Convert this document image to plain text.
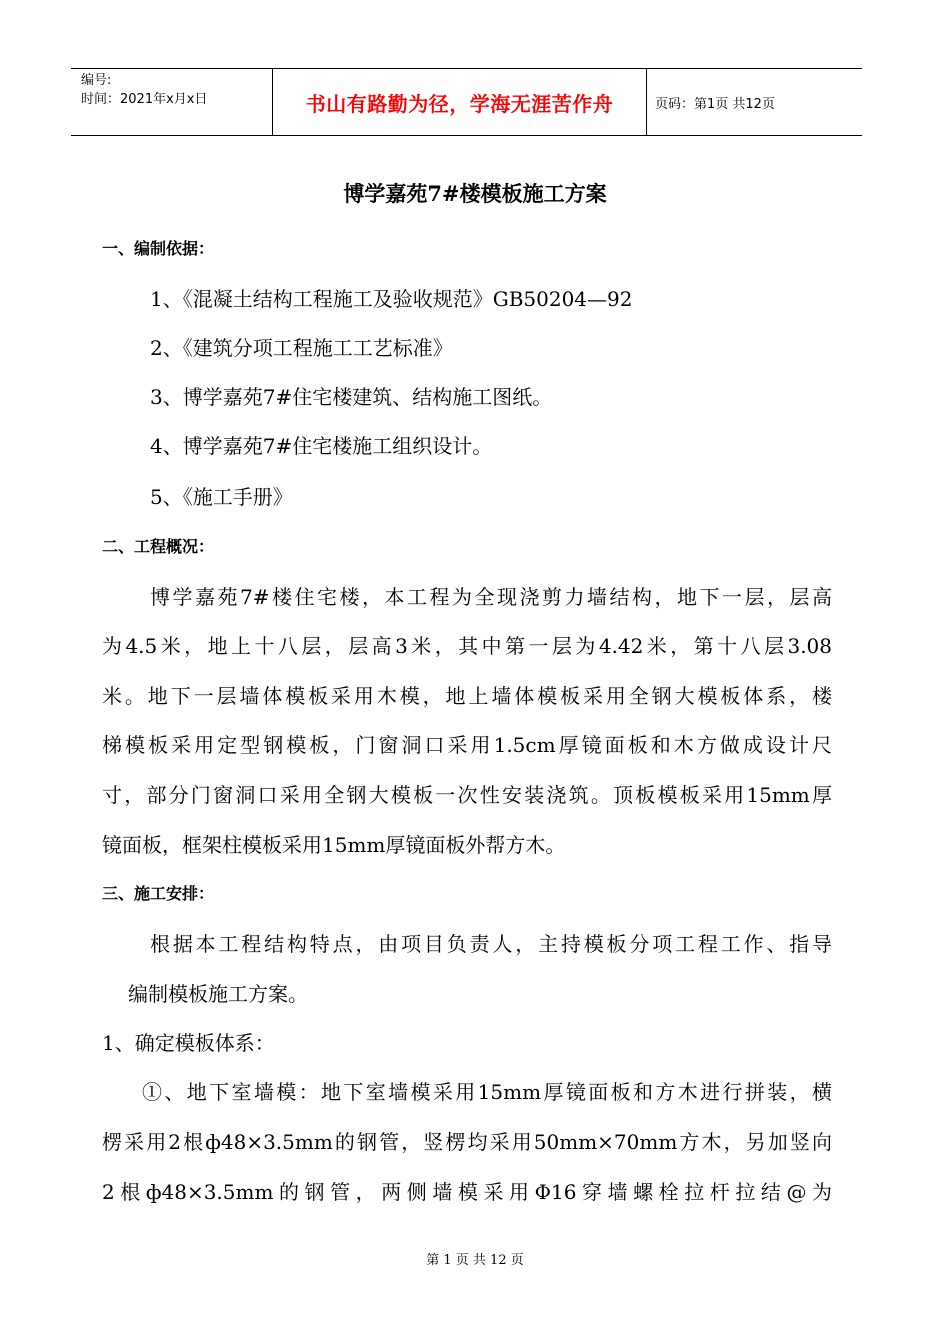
编号:
时间：2021年x月x日	书山有路勤为径，学海无涯苦作舟	页码：第1页 共12页
博学嘉苑7#楼模板施工方案
一、编制依据：
1、《混凝土结构工程施工及验收规范》GB50204—92
2、《建筑分项工程施工工艺标准》
3、博学嘉苑7#住宅楼建筑、结构施工图纸。
4、博学嘉苑7#住宅楼施工组织设计。
5、《施工手册》
二、工程概况：
博学嘉苑7#楼住宅楼，本工程为全现浇剪力墙结构，地下一层，层高
为4.5米，地上十八层，层高3米，其中第一层为4.42米，第十八层3.08
米。地下一层墙体模板采用木模，地上墙体模板采用全钢大模板体系，楼
梯模板采用定型钢模板，门窗洞口采用1.5cm厚镜面板和木方做成设计尺
寸，部分门窗洞口采用全钢大模板一次性安装浇筑。顶板模板采用15mm厚
镜面板，框架柱模板采用15mm厚镜面板外帮方木。
三、施工安排：
根据本工程结构特点，由项目负责人，主持模板分项工程工作、指导
编制模板施工方案。
1、确定模板体系：
①、地下室墙模：地下室墙模采用15mm厚镜面板和方木进行拼装，横
楞采用2根ф48×3.5mm的钢管，竖楞均采用50mm×70mm方木，另加竖向
2根ф48×3.5mm的钢管，两侧墙模采用Φ16穿墙螺栓拉杆拉结@为
第 1 页 共 12 页
